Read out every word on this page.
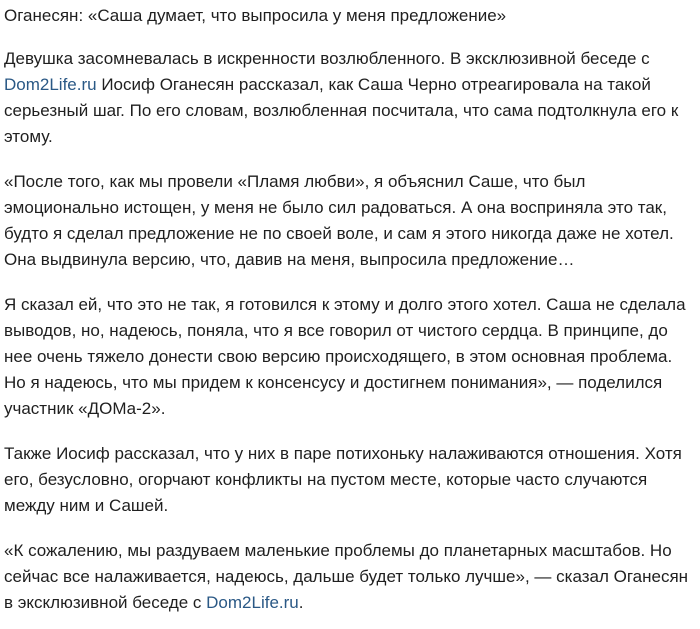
Оганесян: «Саша думает, что выпросила у меня предложение»

Девушка засомневалась в искренности возлюбленного. В эксклюзивной беседе с Dom2Life.ru Иосиф Оганесян рассказал, как Саша Черно отреагировала на такой серьезный шаг. По его словам, возлюбленная посчитала, что сама подтолкнула его к этому.

«После того, как мы провели «Пламя любви», я объяснил Саше, что был эмоционально истощен, у меня не было сил радоваться. А она восприняла это так, будто я сделал предложение не по своей воле, и сам я этого никогда даже не хотел. Она выдвинула версию, что, давив на меня, выпросила предложение…

Я сказал ей, что это не так, я готовился к этому и долго этого хотел. Саша не сделала выводов, но, надеюсь, поняла, что я все говорил от чистого сердца. В принципе, до нее очень тяжело донести свою версию происходящего, в этом основная проблема. Но я надеюсь, что мы придем к консенсусу и достигнем понимания», — поделился участник «ДОМа-2».

Также Иосиф рассказал, что у них в паре потихоньку налаживаются отношения. Хотя его, безусловно, огорчают конфликты на пустом месте, которые часто случаются между ним и Сашей.

«К сожалению, мы раздуваем маленькие проблемы до планетарных масштабов. Но сейчас все налаживается, надеюсь, дальше будет только лучше», — сказал Оганесян в эксклюзивной беседе с Dom2Life.ru.
